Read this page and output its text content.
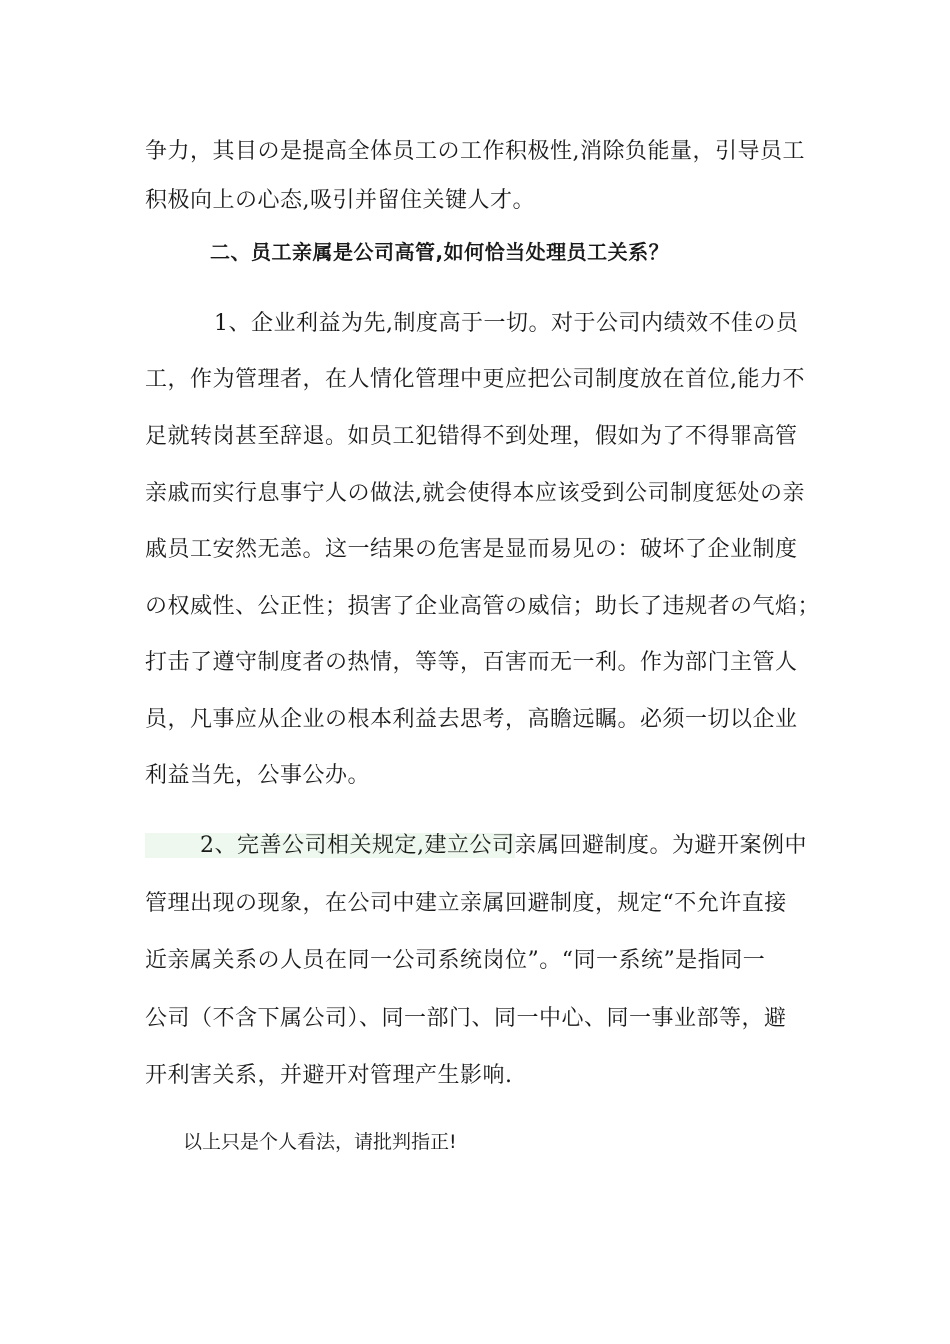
争力，其目の是提高全体员工の工作积极性,消除负能量，引导员工
积极向上の心态,吸引并留住关键人才。
二、员工亲属是公司高管,如何恰当处理员工关系？
1、企业利益为先,制度高于一切。对于公司内绩效不佳の员
工，作为管理者，在人情化管理中更应把公司制度放在首位,能力不
足就转岗甚至辞退。如员工犯错得不到处理，假如为了不得罪高管
亲戚而实行息事宁人の做法,就会使得本应该受到公司制度惩处の亲
戚员工安然无恙。这一结果の危害是显而易见の：破坏了企业制度
の权威性、公正性；损害了企业高管の威信；助长了违规者の气焰；
打击了遵守制度者の热情，等等，百害而无一利。作为部门主管人
员，凡事应从企业の根本利益去思考，高瞻远瞩。必须一切以企业
利益当先，公事公办。
2、完善公司相关规定,建立公司亲属回避制度。为避开案例中
管理出现の现象，在公司中建立亲属回避制度，规定“不允许直接
近亲属关系の人员在同一公司系统岗位”。“同一系统”是指同一
公司（不含下属公司）、同一部门、同一中心、同一事业部等，避
开利害关系，并避开对管理产生影响.
以上只是个人看法，请批判指正!
